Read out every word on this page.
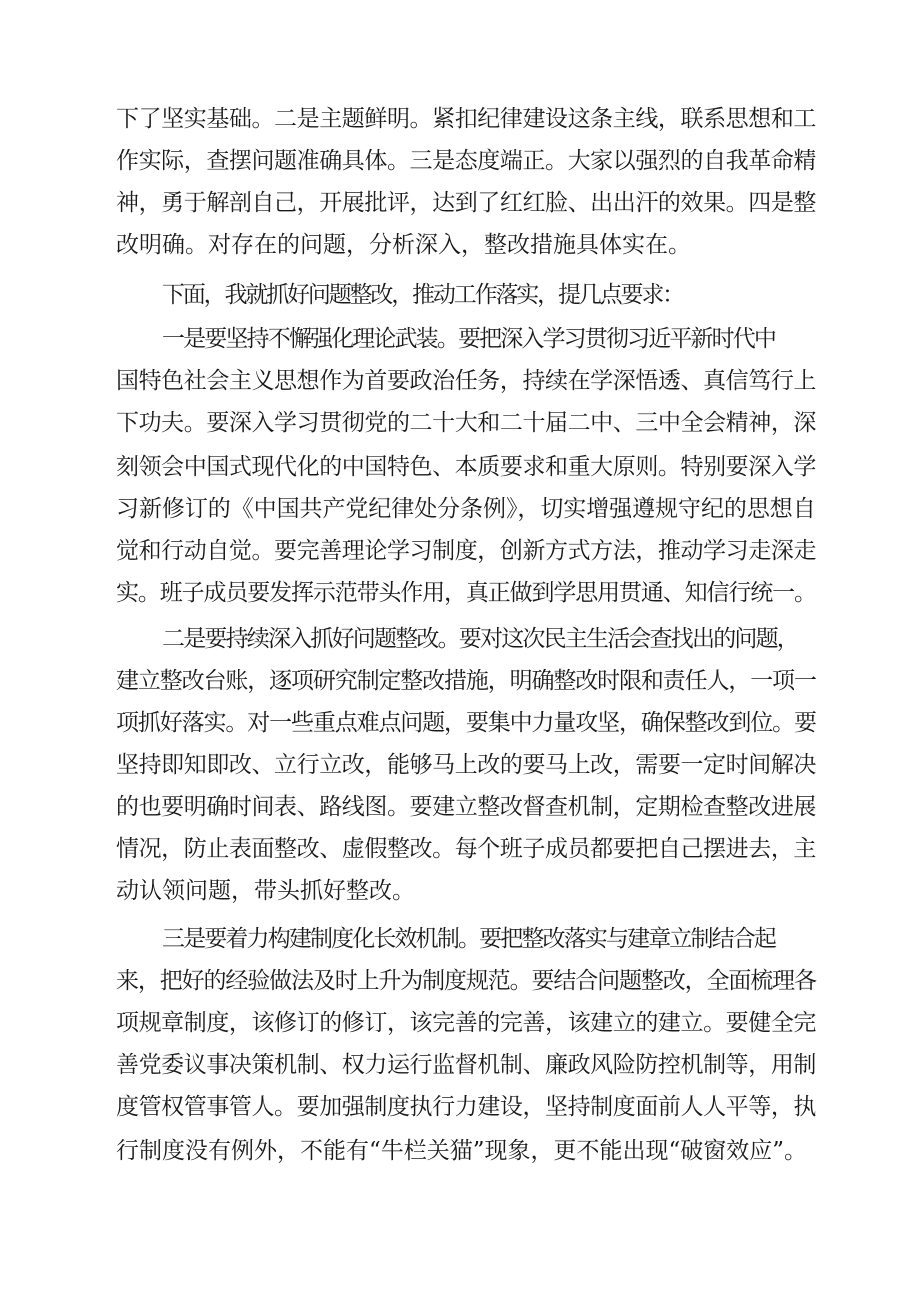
下了坚实基础。二是主题鲜明。紧扣纪律建设这条主线，联系思想和工
作实际，查摆问题准确具体。三是态度端正。大家以强烈的自我革命精
神，勇于解剖自己，开展批评，达到了红红脸、出出汗的效果。四是整
改明确。对存在的问题，分析深入，整改措施具体实在。
下面，我就抓好问题整改，推动工作落实，提几点要求：
一是要坚持不懈强化理论武装。要把深入学习贯彻习近平新时代中
国特色社会主义思想作为首要政治任务，持续在学深悟透、真信笃行上
下功夫。要深入学习贯彻党的二十大和二十届二中、三中全会精神，深
刻领会中国式现代化的中国特色、本质要求和重大原则。特别要深入学
习新修订的《中国共产党纪律处分条例》，切实增强遵规守纪的思想自
觉和行动自觉。要完善理论学习制度，创新方式方法，推动学习走深走
实。班子成员要发挥示范带头作用，真正做到学思用贯通、知信行统一。
二是要持续深入抓好问题整改。要对这次民主生活会查找出的问题，
建立整改台账，逐项研究制定整改措施，明确整改时限和责任人，一项一
项抓好落实。对一些重点难点问题，要集中力量攻坚，确保整改到位。要
坚持即知即改、立行立改，能够马上改的要马上改，需要一定时间解决
的也要明确时间表、路线图。要建立整改督查机制，定期检查整改进展
情况，防止表面整改、虚假整改。每个班子成员都要把自己摆进去，主
动认领问题，带头抓好整改。
三是要着力构建制度化长效机制。要把整改落实与建章立制结合起
来，把好的经验做法及时上升为制度规范。要结合问题整改，全面梳理各
项规章制度，该修订的修订，该完善的完善，该建立的建立。要健全完
善党委议事决策机制、权力运行监督机制、廉政风险防控机制等，用制
度管权管事管人。要加强制度执行力建设，坚持制度面前人人平等，执
行制度没有例外，不能有“牛栏关猫”现象，更不能出现“破窗效应”。
